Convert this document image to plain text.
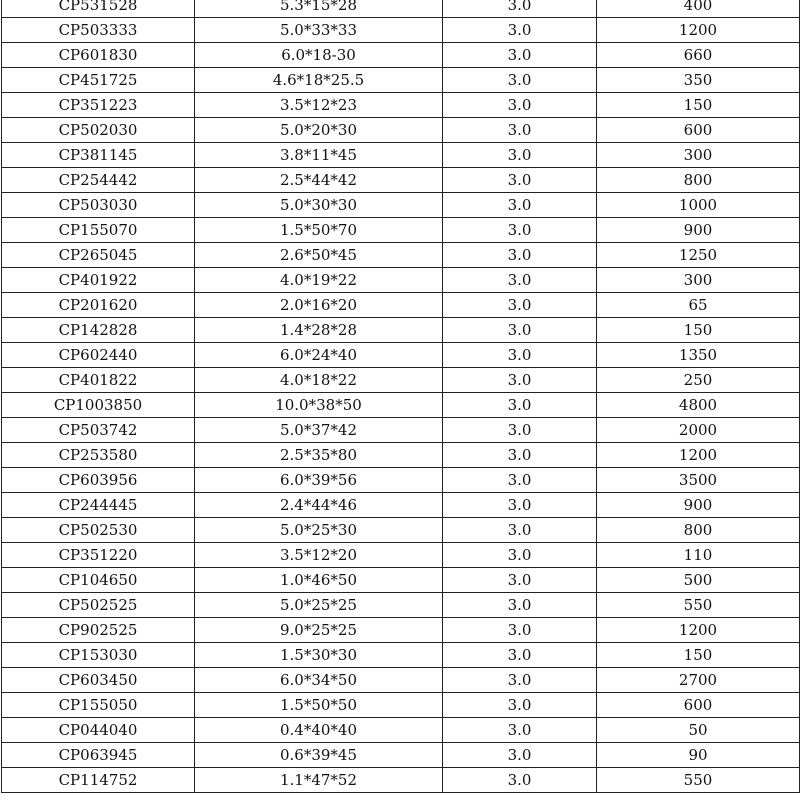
CP531528	5.3*15*28	3.0	400
CP503333	5.0*33*33	3.0	1200
CP601830	6.0*18-30	3.0	660
CP451725	4.6*18*25.5	3.0	350
CP351223	3.5*12*23	3.0	150
CP502030	5.0*20*30	3.0	600
CP381145	3.8*11*45	3.0	300
CP254442	2.5*44*42	3.0	800
CP503030	5.0*30*30	3.0	1000
CP155070	1.5*50*70	3.0	900
CP265045	2.6*50*45	3.0	1250
CP401922	4.0*19*22	3.0	300
CP201620	2.0*16*20	3.0	65
CP142828	1.4*28*28	3.0	150
CP602440	6.0*24*40	3.0	1350
CP401822	4.0*18*22	3.0	250
CP1003850	10.0*38*50	3.0	4800
CP503742	5.0*37*42	3.0	2000
CP253580	2.5*35*80	3.0	1200
CP603956	6.0*39*56	3.0	3500
CP244445	2.4*44*46	3.0	900
CP502530	5.0*25*30	3.0	800
CP351220	3.5*12*20	3.0	110
CP104650	1.0*46*50	3.0	500
CP502525	5.0*25*25	3.0	550
CP902525	9.0*25*25	3.0	1200
CP153030	1.5*30*30	3.0	150
CP603450	6.0*34*50	3.0	2700
CP155050	1.5*50*50	3.0	600
CP044040	0.4*40*40	3.0	50
CP063945	0.6*39*45	3.0	90
CP114752	1.1*47*52	3.0	550
